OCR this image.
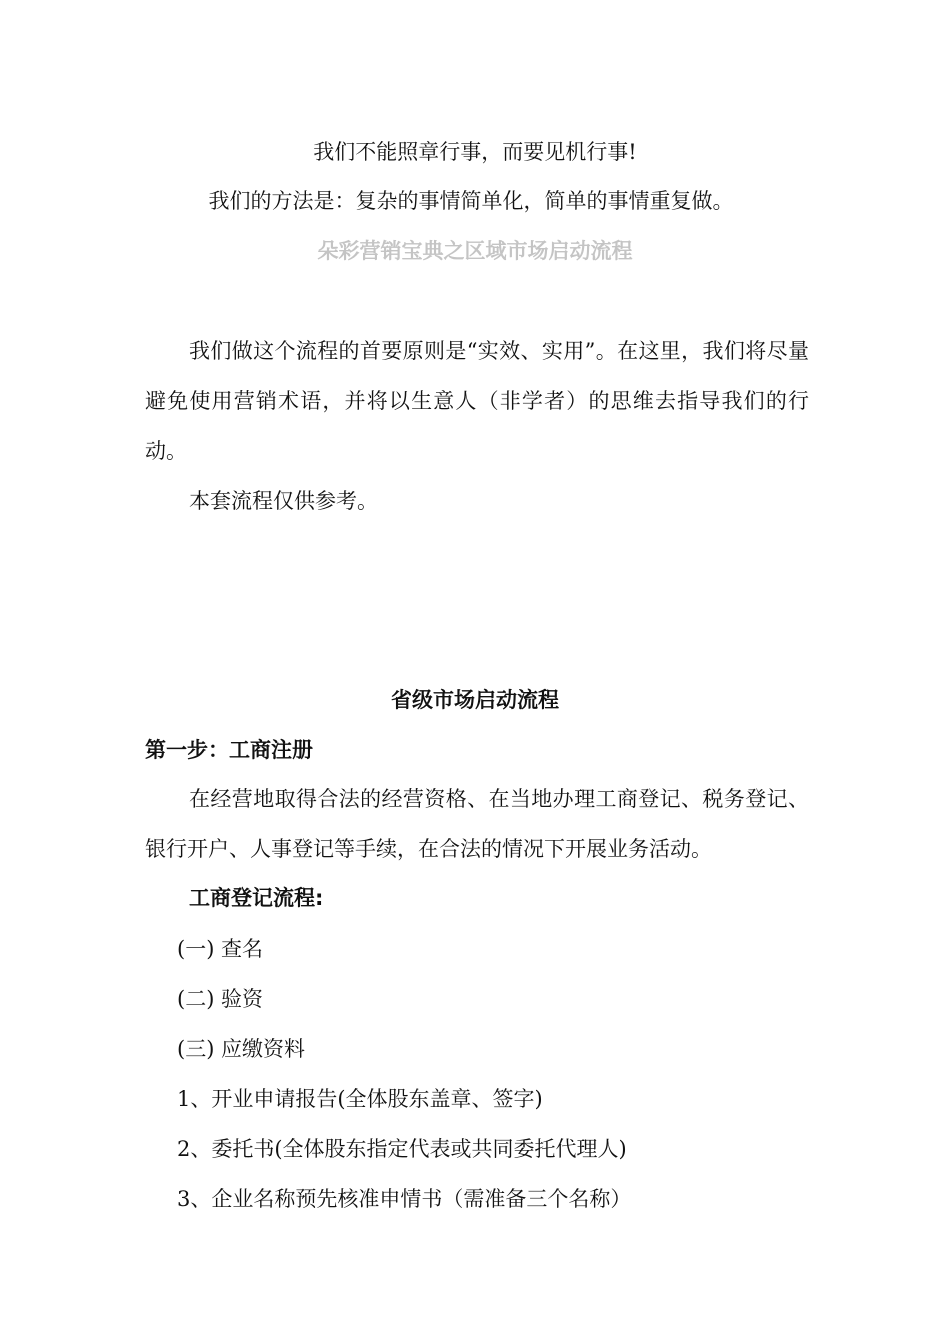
我们不能照章行事，而要见机行事!

我们的方法是：复杂的事情简单化，简单的事情重复做。

朵彩营销宝典之区域市场启动流程

我们做这个流程的首要原则是“实效、实用”。在这里，我们将尽量避免使用营销术语，并将以生意人（非学者）的思维去指导我们的行动。

本套流程仅供参考。

省级市场启动流程

第一步：工商注册

在经营地取得合法的经营资格、在当地办理工商登记、税务登记、银行开户、人事登记等手续，在合法的情况下开展业务活动。

工商登记流程:

(一) 查名
(二) 验资
(三) 应缴资料
1、开业申请报告(全体股东盖章、签字)
2、委托书(全体股东指定代表或共同委托代理人)
3、企业名称预先核准申情书（需准备三个名称）
